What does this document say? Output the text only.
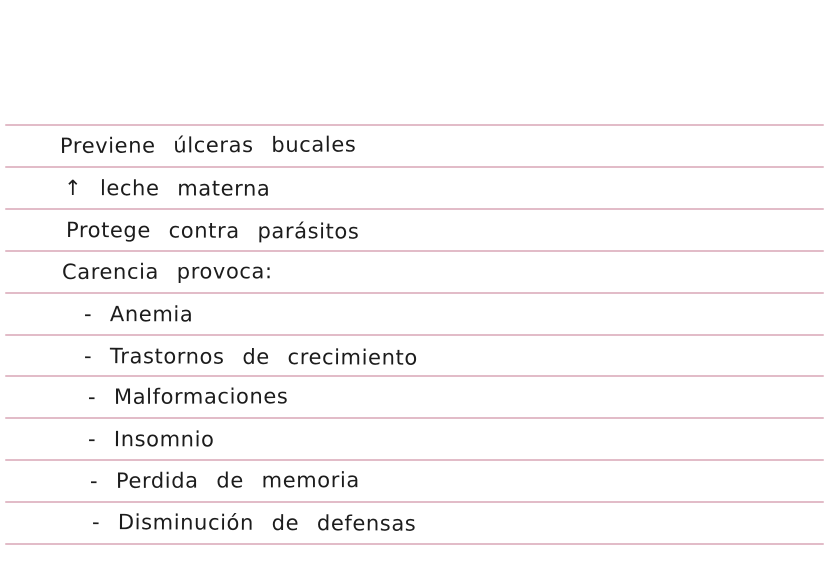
Previene úlceras bucales
↑ leche materna
Protege contra parásitos
Carencia provoca:
- Anemia
- Trastornos de crecimiento
- Malformaciones
- Insomnio
- Perdida de memoria
- Disminución de defensas
